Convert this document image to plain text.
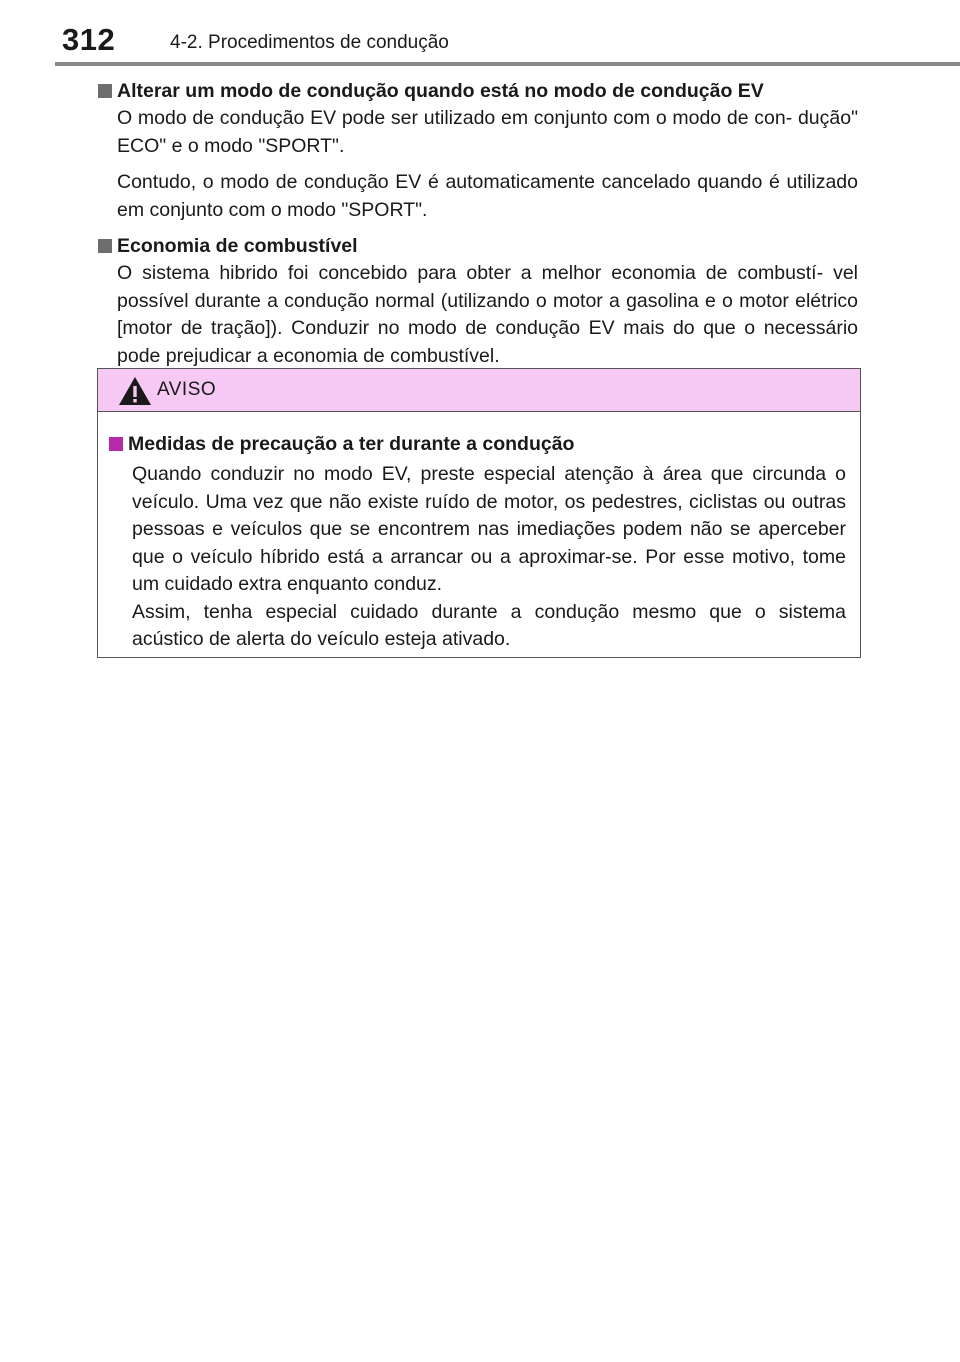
312	4-2. Procedimentos de condução

Alterar um modo de condução quando está no modo de condução EV

O modo de condução EV pode ser utilizado em conjunto com o modo de con- dução" ECO" e o modo "SPORT".

Contudo, o modo de condução EV é automaticamente cancelado quando é utilizado em conjunto com o modo "SPORT".

Economia de combustível

O sistema hibrido foi concebido para obter a melhor economia de combustí- vel possível durante a condução normal (utilizando o motor a gasolina e o motor elétrico [motor de tração]). Conduzir no modo de condução EV mais do que o necessário pode prejudicar a economia de combustível.

AVISO

Medidas de precaução a ter durante a condução

Quando conduzir no modo EV, preste especial atenção à área que circunda o veículo. Uma vez que não existe ruído de motor, os pedestres, ciclistas ou outras pessoas e veículos que se encontrem nas imediações podem não se aperceber que o veículo híbrido está a arrancar ou a aproximar-se. Por esse motivo, tome um cuidado extra enquanto conduz.

Assim, tenha especial cuidado durante a condução mesmo que o sistema acústico de alerta do veículo esteja ativado.
